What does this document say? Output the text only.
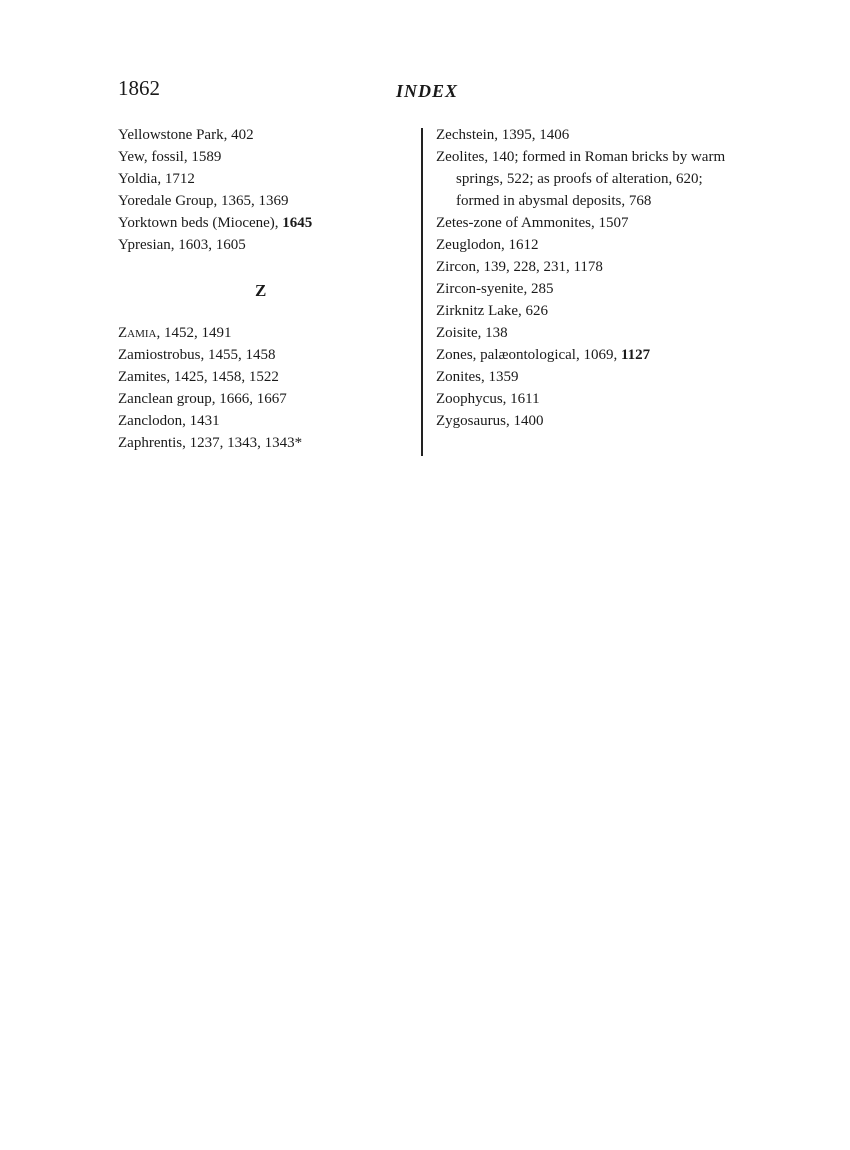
1862	INDEX
Yellowstone Park, 402
Yew, fossil, 1589
Yoldia, 1712
Yoredale Group, 1365, 1369
Yorktown beds (Miocene), 1645
Ypresian, 1603, 1605
Z
Zamia, 1452, 1491
Zamiostrobus, 1455, 1458
Zamites, 1425, 1458, 1522
Zanclean group, 1666, 1667
Zanclodon, 1431
Zaphrentis, 1237, 1343, 1343*
Zechstein, 1395, 1406
Zeolites, 140; formed in Roman bricks by warm springs, 522; as proofs of alteration, 620; formed in abysmal deposits, 768
Zetes-zone of Ammonites, 1507
Zeuglodon, 1612
Zircon, 139, 228, 231, 1178
Zircon-syenite, 285
Zirknitz Lake, 626
Zoisite, 138
Zones, palæontological, 1069, 1127
Zonites, 1359
Zoophycus, 1611
Zygosaurus, 1400
